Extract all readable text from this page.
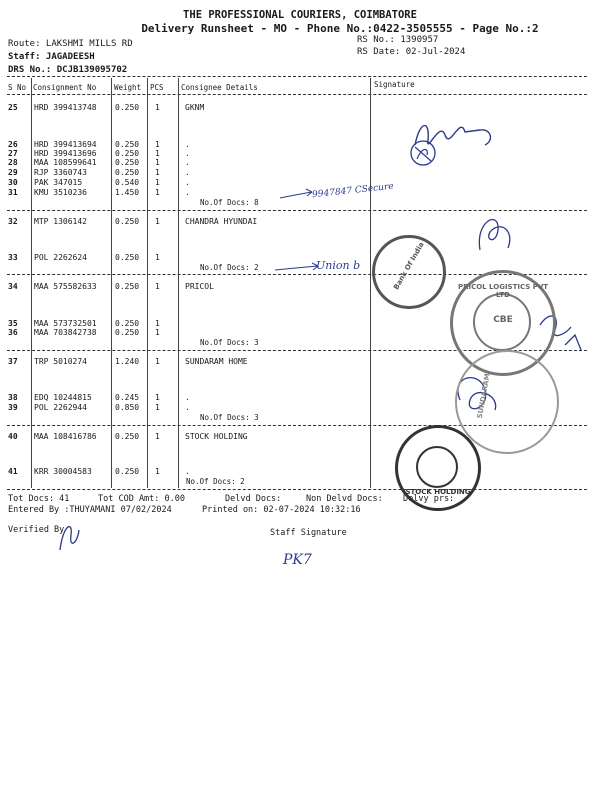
THE PROFESSIONAL COURIERS, COIMBATORE
Delivery Runsheet - MO - Phone No.:0422-3505555 - Page No.:2
Route: LAKSHMI MILLS RD
Staff: JAGADEESH
DRS No.: DCJB139095702
RS No.: 1390957
RS Date: 02-Jul-2024
S No Consignment No Weight PCS Consignee Details	Signature
25 HRD 399413748 0.250 1	GKNM
26 HRD 399413694 0.250 1	.
27 HRD 399413696 0.250 1	.
28 MAA 108599641 0.250 1	.
29 RJP 3360743	0.250 1	.
30 PAK 347015	0.540 1	.
31 KMU 3510236	1.450 1	.
No.Of Docs: 8
32 MTP 1306142	0.250 1	CHANDRA HYUNDAI
33 POL 2262624	0.250 1
No.Of Docs: 2
34 MAA 575582633 0.250 1	PRICOL
35 MAA 573732501 0.250 1
36 MAA 703842738 0.250 1
No.Of Docs: 3
37 TRP 5010274	1.240 1	SUNDARAM HOME
38 EDQ 10244815	0.245 1	.
39 POL 2262944	0.850 1	.
No.Of Docs: 3
40 MAA 108416786 0.250 1	STOCK HOLDING
41 KRR 30004583	0.250 1	.
No.Of Docs: 2
Tot Docs: 41	Tot COD Amt: 0.00	Delvd Docs:	Non Delvd Docs: Delvy prs:
Entered By :THUYAMANI 07/02/2024	Printed on: 02-07-2024 10:32:16
Verified By	Staff Signature
9947847 CSecure
Union b
PK7
Bank Of India	PRICOL LOGISTICS PVT LTD
CBE
SUNDARAM
STOCK HOLDING
